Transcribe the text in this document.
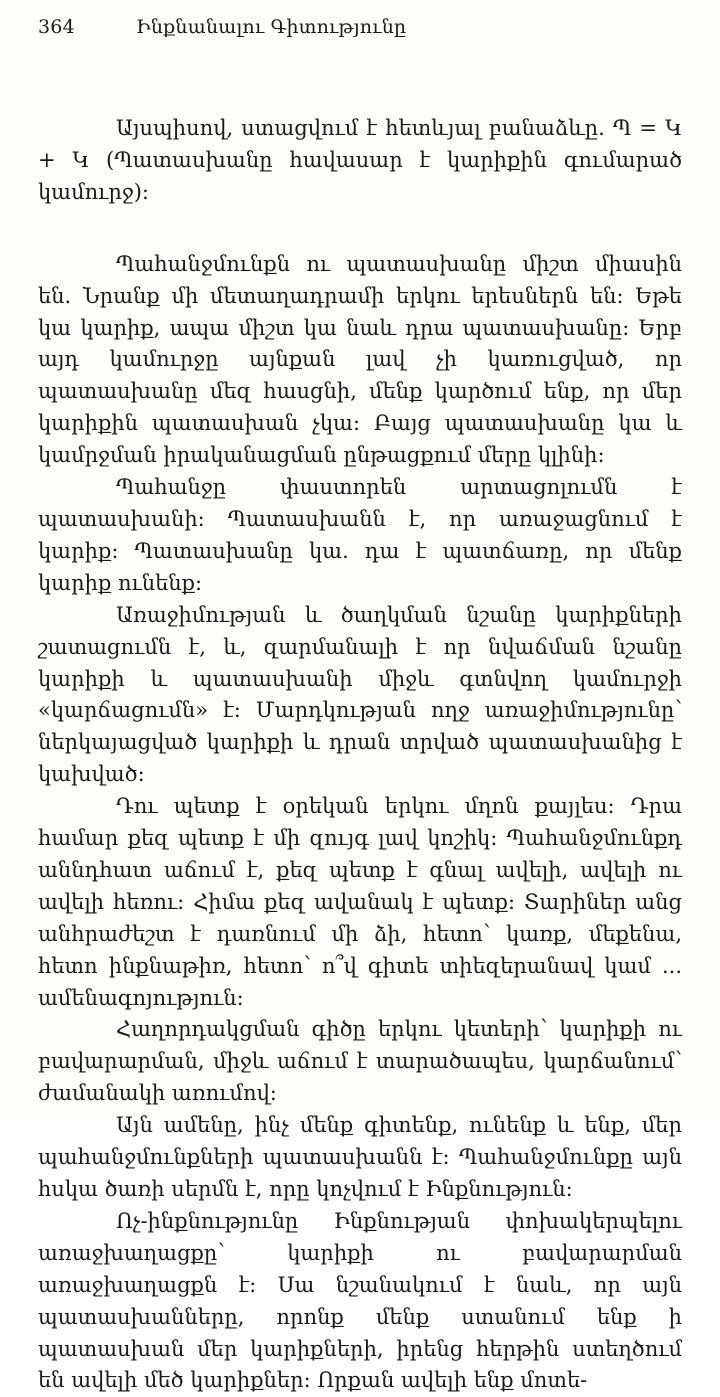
364	Ինքնանալու Գիտությունը

Այսպիսով, ստացվում է հետևյալ բանաձևը. Պ = Կ + Կ (Պատասխանը հավասար է կարիքին գումարած կամուրջ):

Պահանջմունքն ու պատասխանը միշտ միասին են. Նրանք մի մետաղադրամի երկու երեսներն են: Եթե կա կարիք, ապա միշտ կա նաև դրա պատասխանը: Երբ այդ կամուրջը այնքան լավ չի կառուցված, որ պատասխանը մեզ հասցնի, մենք կարծում ենք, որ մեր կարիքին պատասխան չկա: Բայց պատասխանը կա և կամրջման իրականացման ընթացքում մերը կլինի:

Պահանջը փաստորեն արտացոլումն է պատասխանի: Պատասխանն է, որ առաջացնում է կարիք: Պատասխանը կա. դա է պատճառը, որ մենք կարիք ունենք:

Առաջիմության և ծաղկման նշանը կարիքների շատացումն է, և, զարմանալի է որ նվաճման նշանը կարիքի և պատասխանի միջև գտնվող կամուրջի «կարճացումն» է: Մարդկության ողջ առաջիմությունը՝ ներկայացված կարիքի և դրան տրված պատասխանից է կախված:

Դու պետք է օրեկան երկու մղոն քայլես: Դրա համար քեզ պետք է մի զույգ լավ կոշիկ: Պահանջմունքդ աննդհատ աճում է, քեզ պետք է գնալ ավելի, ավելի ու ավելի հեռու: Հիմա քեզ ավանակ է պետք: Տարիներ անց անհրաժեշտ է դառնում մի ձի, հետո՝ կառք, մեքենա, հետո ինքնաթիռ, հետո՝ ո՞վ գիտե տիեզերանավ կամ ... ամենագոյություն:

Հաղորդակցման գիծը երկու կետերի՝ կարիքի ու բավարարման, միջև աճում է տարածապես, կարճանում՝ ժամանակի առումով:

Այն ամենը, ինչ մենք գիտենք, ունենք և ենք, մեր պահանջմունքների պատասխանն է: Պահանջմունքը այն հսկա ծառի սերմն է, որը կոչվում է Ինքնություն:

Ոչ-ինքնությունը Ինքնության փոխակերպելու առաջխաղացքը՝ կարիքի ու բավարարման առաջխաղացքն է: Սա նշանակում է նաև, որ այն պատասխանները, որոնք մենք ստանում ենք ի պատասխան մեր կարիքների, իրենց հերթին ստեղծում են ավելի մեծ կարիքներ: Որքան ավելի ենք մոտե-
